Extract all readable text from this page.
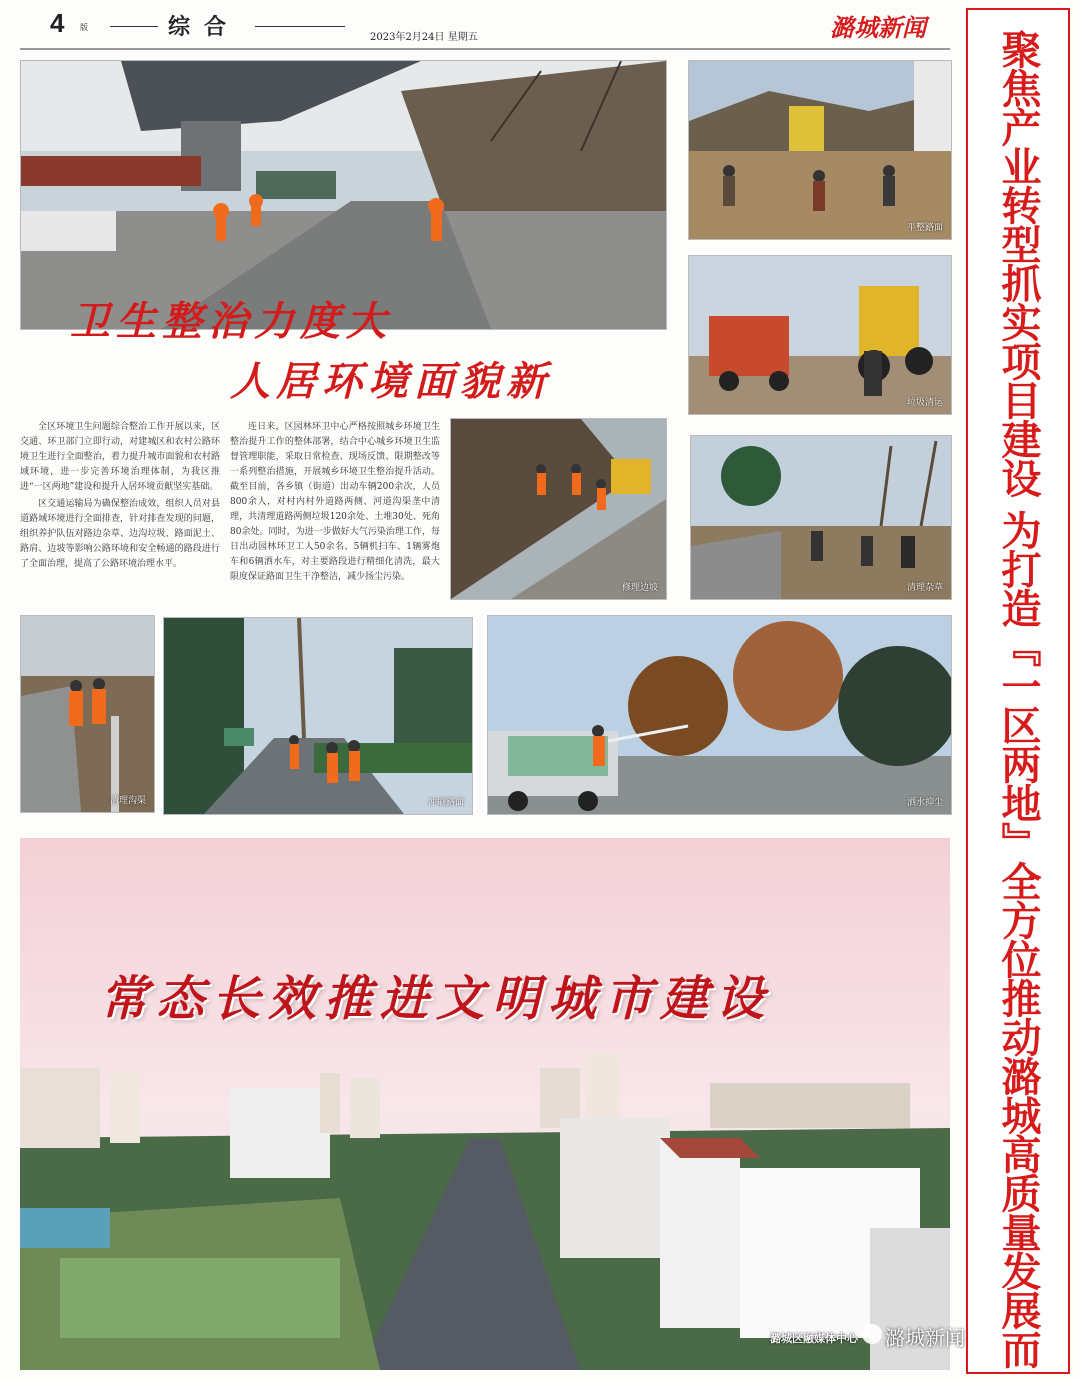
4 版	综合	2023年2月24日 星期五	潞城新闻
聚焦产业转型抓实项目建设 为打造『一区两地』全方位推动潞城高质量发展而
卫生整治力度大
人居环境面貌新
平整路面
垃圾清运
修理边坡	清理杂草

全区环境卫生问题综合整治工作开展以来，区交通、环卫部门立即行动，对建城区和农村公路环境卫生进行全面整治，着力提升城市面貌和农村路域环境，进一步完善环境治理体制，为我区推进“一区两地”建设和提升人居环境贡献坚实基础。

区交通运输局为确保整治成效，组织人员对县道路域环境进行全面排查，针对排查发现的问题，组织养护队伍对路边杂草、边沟垃圾、路面泥土、路肩、边坡等影响公路环境和安全畅通的路段进行了全面治理，提高了公路环境治理水平。

连日来，区园林环卫中心严格按照城乡环境卫生整治提升工作的整体部署，结合中心城乡环境卫生监督管理职能，采取日常检查、现场反馈、限期整改等一系列整治措施，开展城乡环境卫生整治提升活动。截至目前，各乡镇（街道）出动车辆200余次，人员800余人，对村内村外道路两侧、河道沟渠垄中清理，共清理道路两侧垃圾120余处、土堆30处、死角80余处。同时，为进一步做好大气污染治理工作，每日出动园林环卫工人50余名、5辆机扫车、1辆雾炮车和6辆洒水车，对主要路段进行精细化清洗，最大限度保证路面卫生干净整洁，减少扬尘污染。

清理沟渠	冲刷路面	洒水抑尘
常态长效推进文明城市建设
潞城区融媒体中心 潞城新闻
